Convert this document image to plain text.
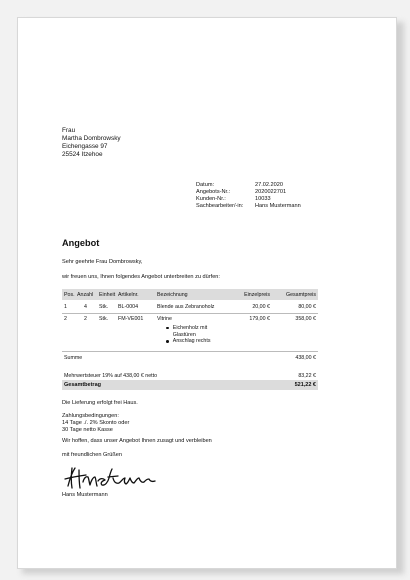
Frau
Martha Dombrowsky
Eichengasse 97
25524 Itzehoe
Datum:	27.02.2020
Angebots-Nr.:	2020022701
Kunden-Nr.:	10033
Sachbearbeiter/-in:	Hans Mustermann
Angebot
Sehr geehrte Frau Dombrowsky,
wir freuen uns, Ihnen folgendes Angebot unterbreiten zu dürfen:
Pos. Anzahl Einheit Artikelnr.	Bezeichnung	Einzelpreis	Gesamtpreis
1	4 Stk. BL-0004	Blende aus Zebranoholz	20,00 €	80,00 €
2	2 Stk. FM-VE001	Vitrine	179,00 €	358,00 €
Eichenholz mit Glastüren
Anschlag rechts
Summe	438,00 €
Mehrwertsteuer 19% auf 438,00 € netto	83,22 €
Gesamtbetrag	521,22 €
Die Lieferung erfolgt frei Haus.
Zahlungsbedingungen:
14 Tage ./. 2% Skonto oder
30 Tage netto Kasse
Wir hoffen, dass unser Angebot Ihnen zusagt und verbleiben
mit freundlichen Grüßen
Hans Mustermann
